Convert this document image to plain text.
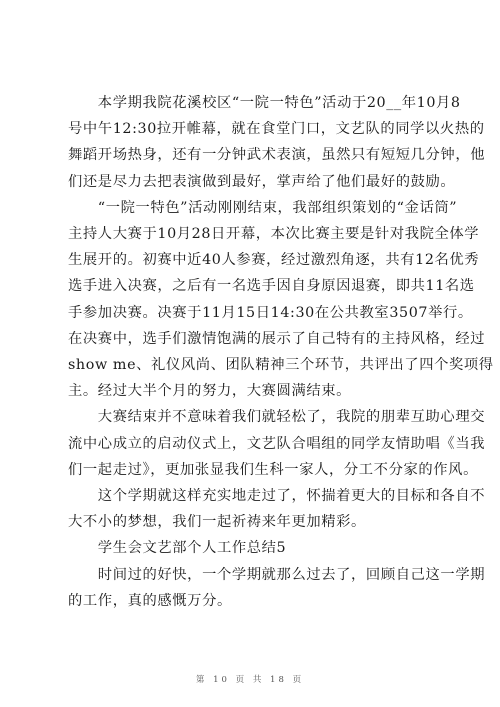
　　本学期我院花溪校区“一院一特色”活动于20__年10月8
号中午12:30拉开帷幕，就在食堂门口，文艺队的同学以火热的
舞蹈开场热身，还有一分钟武术表演，虽然只有短短几分钟，他
们还是尽力去把表演做到最好，掌声给了他们最好的鼓励。

　　“一院一特色”活动刚刚结束，我部组织策划的“金话筒”
主持人大赛于10月28日开幕，本次比赛主要是针对我院全体学
生展开的。初赛中近40人参赛，经过激烈角逐，共有12名优秀
选手进入决赛，之后有一名选手因自身原因退赛，即共11名选
手参加决赛。决赛于11月15日14:30在公共教室3507举行。
在决赛中，选手们激情饱满的展示了自己特有的主持风格，经过
show me、礼仪风尚、团队精神三个环节，共评出了四个奖项得
主。经过大半个月的努力，大赛圆满结束。

　　大赛结束并不意味着我们就轻松了，我院的朋辈互助心理交
流中心成立的启动仪式上，文艺队合唱组的同学友情助唱《当我
们一起走过》，更加张显我们生科一家人，分工不分家的作风。

　　这个学期就这样充实地走过了，怀揣着更大的目标和各自不
大不小的梦想，我们一起祈祷来年更加精彩。

　　学生会文艺部个人工作总结5

　　时间过的好快，一个学期就那么过去了，回顾自己这一学期
的工作，真的感慨万分。

第 10 页 共 18 页
